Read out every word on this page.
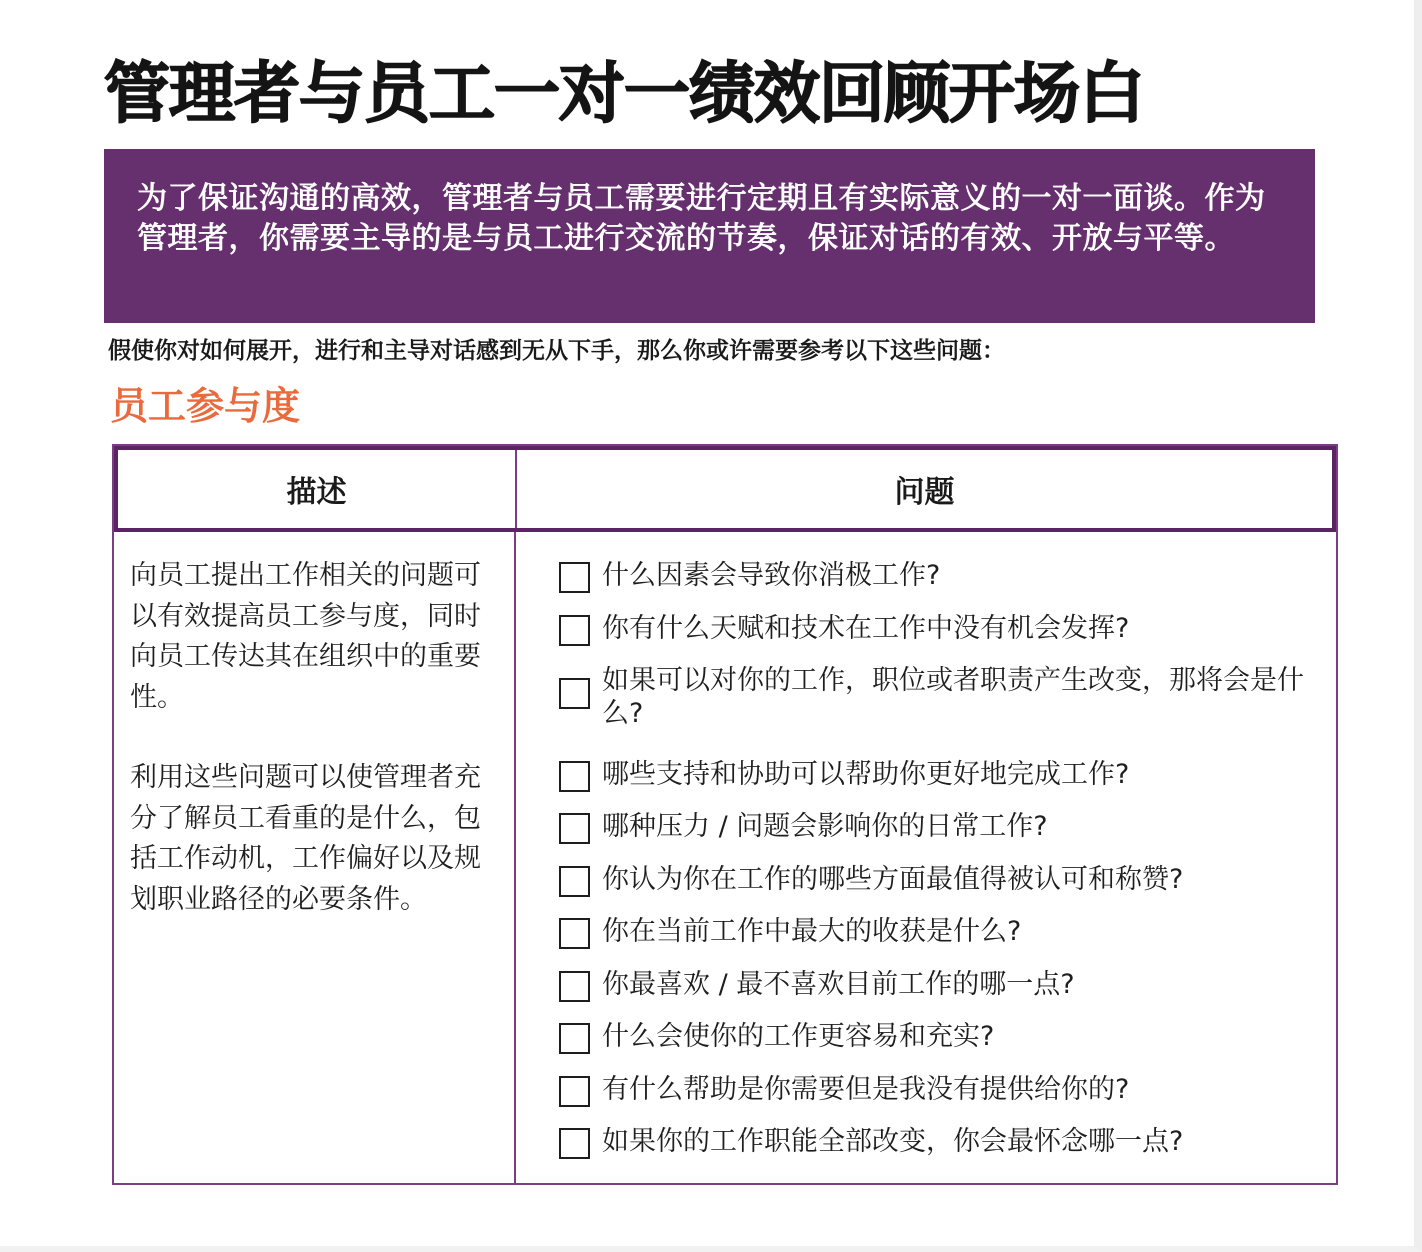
管理者与员工一对一绩效回顾开场白

为了保证沟通的高效，管理者与员工需要进行定期且有实际意义的一对一面谈。作为管理者，你需要主导的是与员工进行交流的节奏，保证对话的有效、开放与平等。

假使你对如何展开，进行和主导对话感到无从下手，那么你或许需要参考以下这些问题：

员工参与度
描述	问题

向员工提出工作相关的问题可以有效提高员工参与度，同时向员工传达其在组织中的重要性。

利用这些问题可以使管理者充分了解员工看重的是什么，包括工作动机，工作偏好以及规划职业路径的必要条件。

什么因素会导致你消极工作?
你有什么天赋和技术在工作中没有机会发挥?
如果可以对你的工作，职位或者职责产生改变，那将会是什么?
哪些支持和协助可以帮助你更好地完成工作?
哪种压力 / 问题会影响你的日常工作?
你认为你在工作的哪些方面最值得被认可和称赞?
你在当前工作中最大的收获是什么?
你最喜欢 / 最不喜欢目前工作的哪一点?
什么会使你的工作更容易和充实?
有什么帮助是你需要但是我没有提供给你的?
如果你的工作职能全部改变，你会最怀念哪一点?
